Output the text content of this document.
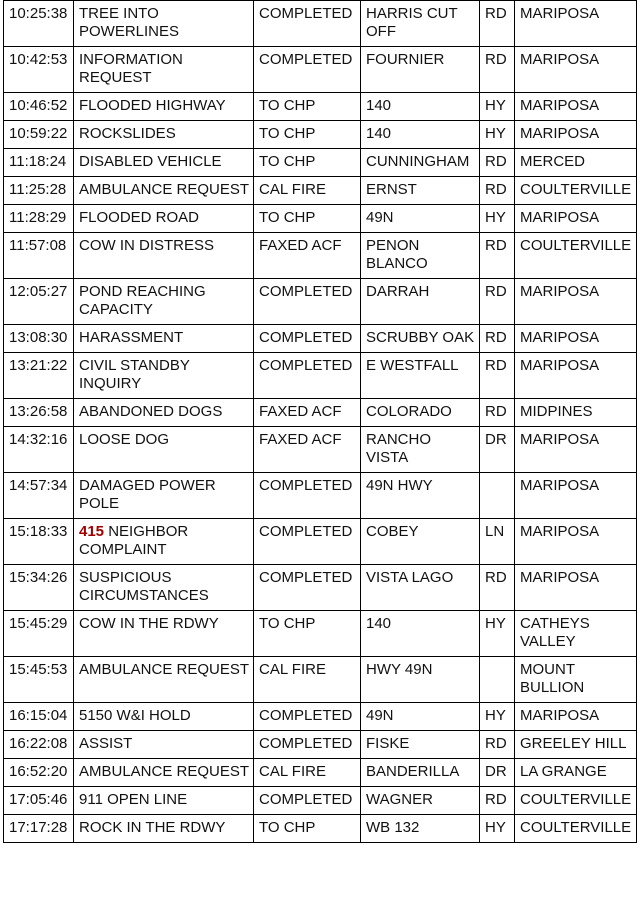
10:25:38	TREE INTO POWERLINES	COMPLETED	HARRIS CUT OFF	RD	MARIPOSA
10:42:53	INFORMATION REQUEST	COMPLETED	FOURNIER	RD	MARIPOSA
10:46:52	FLOODED HIGHWAY	TO CHP	140	HY	MARIPOSA
10:59:22	ROCKSLIDES	TO CHP	140	HY	MARIPOSA
11:18:24	DISABLED VEHICLE	TO CHP	CUNNINGHAM	RD	MERCED
11:25:28	AMBULANCE REQUEST	CAL FIRE	ERNST	RD	COULTERVILLE
11:28:29	FLOODED ROAD	TO CHP	49N	HY	MARIPOSA
11:57:08	COW IN DISTRESS	FAXED ACF	PENON BLANCO	RD	COULTERVILLE
12:05:27	POND REACHING CAPACITY	COMPLETED	DARRAH	RD	MARIPOSA
13:08:30	HARASSMENT	COMPLETED	SCRUBBY OAK	RD	MARIPOSA
13:21:22	CIVIL STANDBY INQUIRY	COMPLETED	E WESTFALL	RD	MARIPOSA
13:26:58	ABANDONED DOGS	FAXED ACF	COLORADO	RD	MIDPINES
14:32:16	LOOSE DOG	FAXED ACF	RANCHO VISTA	DR	MARIPOSA
14:57:34	DAMAGED POWER POLE	COMPLETED	49N HWY		MARIPOSA
15:18:33	415 NEIGHBOR COMPLAINT	COMPLETED	COBEY	LN	MARIPOSA
15:34:26	SUSPICIOUS CIRCUMSTANCES	COMPLETED	VISTA LAGO	RD	MARIPOSA
15:45:29	COW IN THE RDWY	TO CHP	140	HY	CATHEYS VALLEY
15:45:53	AMBULANCE REQUEST	CAL FIRE	HWY 49N		MOUNT BULLION
16:15:04	5150 W&I HOLD	COMPLETED	49N	HY	MARIPOSA
16:22:08	ASSIST	COMPLETED	FISKE	RD	GREELEY HILL
16:52:20	AMBULANCE REQUEST	CAL FIRE	BANDERILLA	DR	LA GRANGE
17:05:46	911 OPEN LINE	COMPLETED	WAGNER	RD	COULTERVILLE
17:17:28	ROCK IN THE RDWY	TO CHP	WB 132	HY	COULTERVILLE
